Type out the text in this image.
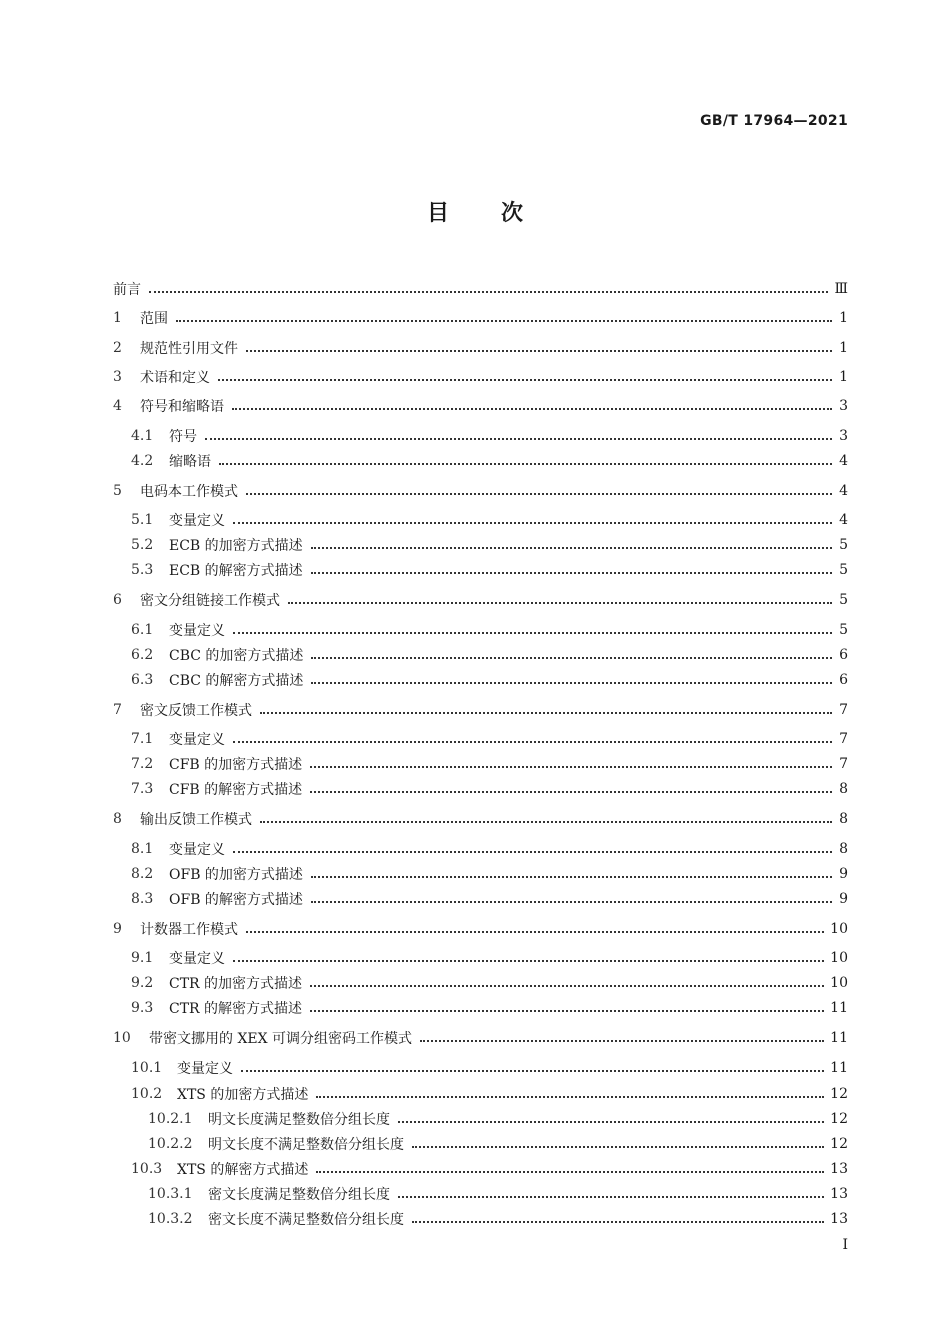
GB/T 17964—2021
目次
前言	Ⅲ
1	范围	1
2	规范性引用文件	1
3	术语和定义	1
4	符号和缩略语	3
4.1	符号	3
4.2	缩略语	4
5	电码本工作模式	4
5.1	变量定义	4
5.2	ECB 的加密方式描述	5
5.3	ECB 的解密方式描述	5
6	密文分组链接工作模式	5
6.1	变量定义	5
6.2	CBC 的加密方式描述	6
6.3	CBC 的解密方式描述	6
7	密文反馈工作模式	7
7.1	变量定义	7
7.2	CFB 的加密方式描述	7
7.3	CFB 的解密方式描述	8
8	输出反馈工作模式	8
8.1	变量定义	8
8.2	OFB 的加密方式描述	9
8.3	OFB 的解密方式描述	9
9	计数器工作模式	10
9.1	变量定义	10
9.2	CTR 的加密方式描述	10
9.3	CTR 的解密方式描述	11
10	带密文挪用的 XEX 可调分组密码工作模式	11
10.1	变量定义	11
10.2	XTS 的加密方式描述	12
10.2.1	明文长度满足整数倍分组长度	12
10.2.2	明文长度不满足整数倍分组长度	12
10.3	XTS 的解密方式描述	13
10.3.1	密文长度满足整数倍分组长度	13
10.3.2	密文长度不满足整数倍分组长度	13
I
